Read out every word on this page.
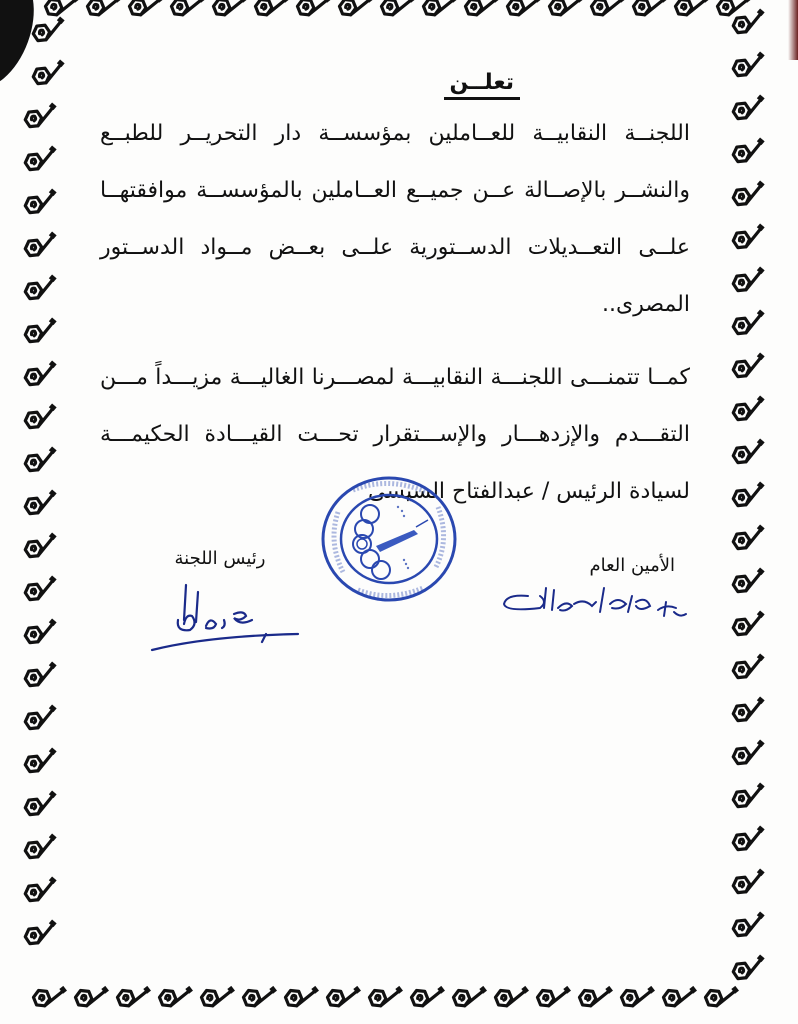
تعلــن
اللجنــة النقابيــة للعــاملين بمؤسســة دار التحريــر للطبــع
والنشــر بالإصــالة عــن جميــع العــاملين بالمؤسســة موافقتهــا
علــى التعــديلات الدســتورية علــى بعــض مــواد الدســتور
المصرى..
كمــا تتمنـــى اللجنـــة النقابيـــة لمصـــرنا الغاليـــة مزيـــداً مـــن
التقـــدم والإزدهـــار والإســـتقرار تحـــت القيـــادة الحكيمـــة
لسيادة الرئيس / عبدالفتاح السيسى
رئيس اللجنة	الأمين العام
